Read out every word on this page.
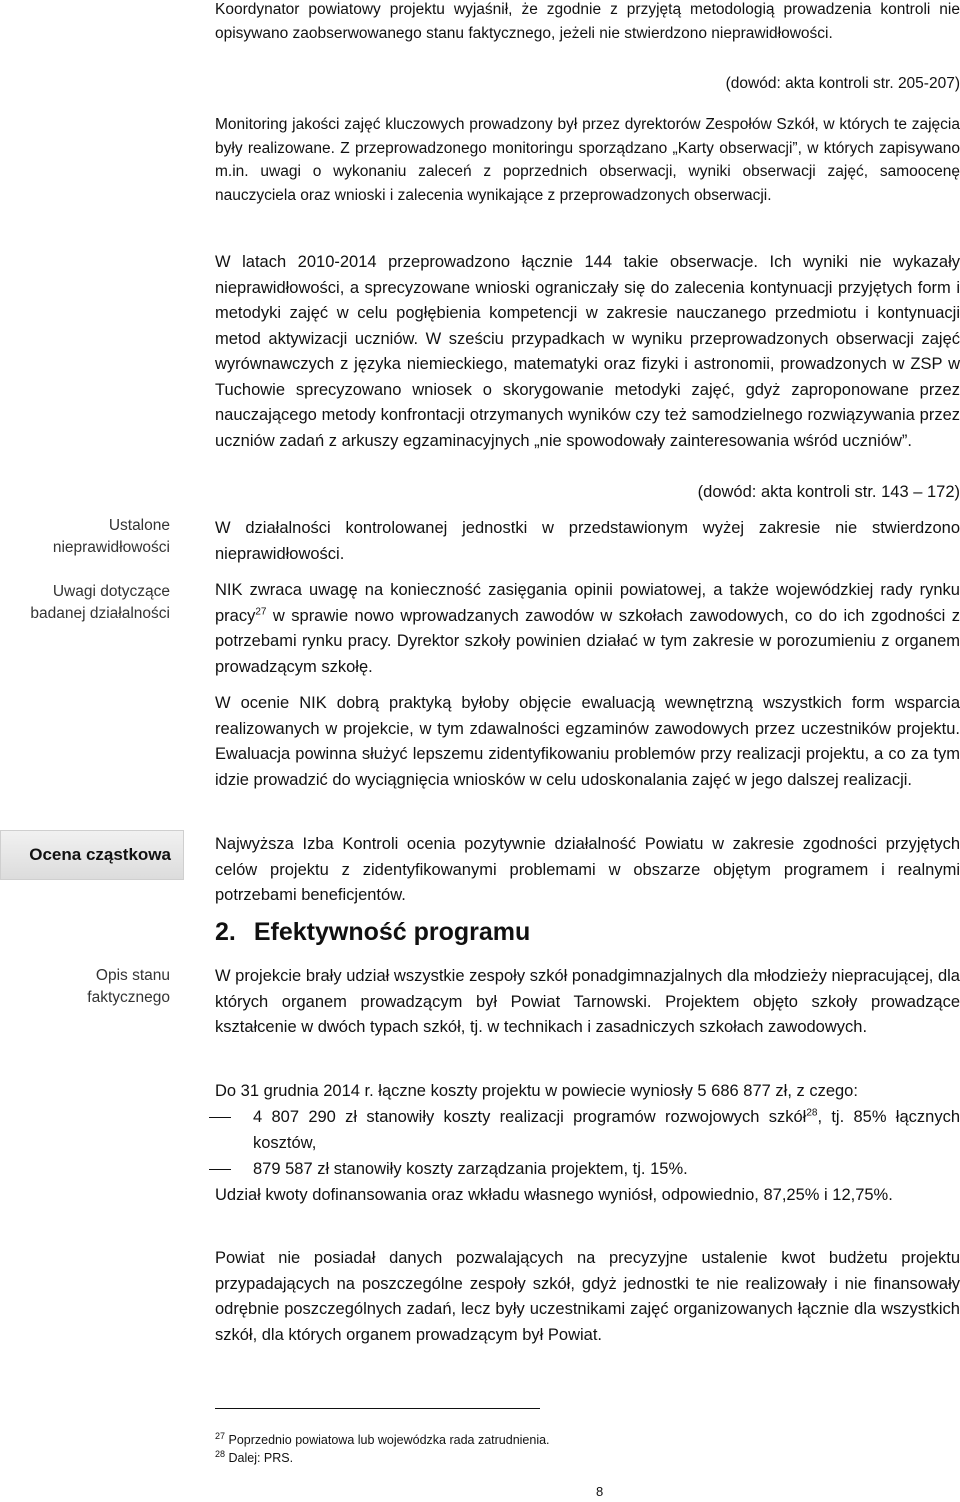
Ustalone nieprawidłowości
Uwagi dotyczące badanej działalności
Ocena cząstkowa
Opis stanu faktycznego
Koordynator powiatowy projektu wyjaśnił, że zgodnie z przyjętą metodologią prowadzenia kontroli nie opisywano zaobserwowanego stanu faktycznego, jeżeli nie stwierdzono nieprawidłowości.
(dowód: akta kontroli str. 205-207)
Monitoring jakości zajęć kluczowych prowadzony był przez dyrektorów Zespołów Szkół, w których te zajęcia były realizowane. Z przeprowadzonego monitoringu sporządzano „Karty obserwacji”, w których zapisywano m.in. uwagi o wykonaniu zaleceń z poprzednich obserwacji, wyniki obserwacji zajęć, samoocenę nauczyciela oraz wnioski i zalecenia wynikające z przeprowadzonych obserwacji.
W latach 2010-2014 przeprowadzono łącznie 144 takie obserwacje. Ich wyniki nie wykazały nieprawidłowości, a sprecyzowane wnioski ograniczały się do zalecenia kontynuacji przyjętych form i metodyki zajęć w celu pogłębienia kompetencji w zakresie nauczanego przedmiotu i kontynuacji metod aktywizacji uczniów. W sześciu przypadkach w wyniku przeprowadzonych obserwacji zajęć wyrównawczych z języka niemieckiego, matematyki oraz fizyki i astronomii, prowadzonych w ZSP w Tuchowie sprecyzowano wniosek o skorygowanie metodyki zajęć, gdyż zaproponowane przez nauczającego metody konfrontacji otrzymanych wyników czy też samodzielnego rozwiązywania przez uczniów zadań z arkuszy egzaminacyjnych „nie spowodowały zainteresowania wśród uczniów”.
(dowód: akta kontroli str. 143 – 172)
W działalności kontrolowanej jednostki w przedstawionym wyżej zakresie nie stwierdzono nieprawidłowości.
NIK zwraca uwagę na konieczność zasięgania opinii powiatowej, a także wojewódzkiej rady rynku pracy$^{27}$ w sprawie nowo wprowadzanych zawodów w szkołach zawodowych, co do ich zgodności z potrzebami rynku pracy. Dyrektor szkoły powinien działać w tym zakresie w porozumieniu z organem prowadzącym szkołę.
W ocenie NIK dobrą praktyką byłoby objęcie ewaluacją wewnętrzną wszystkich form wsparcia realizowanych w projekcie, w tym zdawalności egzaminów zawodowych przez uczestników projektu. Ewaluacja powinna służyć lepszemu zidentyfikowaniu problemów przy realizacji projektu, a co za tym idzie prowadzić do wyciągnięcia wniosków w celu udoskonalania zajęć w jego dalszej realizacji.
Najwyższa Izba Kontroli ocenia pozytywnie działalność Powiatu w zakresie zgodności przyjętych celów projektu z zidentyfikowanymi problemami w obszarze objętym programem i realnymi potrzebami beneficjentów.
2. Efektywność programu
W projekcie brały udział wszystkie zespoły szkół ponadgimnazjalnych dla młodzieży niepracującej, dla których organem prowadzącym był Powiat Tarnowski. Projektem objęto szkoły prowadzące kształcenie w dwóch typach szkół, tj. w technikach i zasadniczych szkołach zawodowych.
Do 31 grudnia 2014 r. łączne koszty projektu w powiecie wyniosły 5 686 877 zł, z czego:
4 807 290 zł stanowiły koszty realizacji programów rozwojowych szkół$^{28}$, tj. 85% łącznych kosztów,
879 587 zł stanowiły koszty zarządzania projektem, tj. 15%.
Udział kwoty dofinansowania oraz wkładu własnego wyniósł, odpowiednio, 87,25% i 12,75%.
Powiat nie posiadał danych pozwalających na precyzyjne ustalenie kwot budżetu projektu przypadających na poszczególne zespoły szkół, gdyż jednostki te nie realizowały i nie finansowały odrębnie poszczególnych zadań, lecz były uczestnikami zajęć organizowanych łącznie dla wszystkich szkół, dla których organem prowadzącym był Powiat.
$^{27}$ Poprzednio powiatowa lub wojewódzka rada zatrudnienia.
$^{28}$ Dalej: PRS.
8
